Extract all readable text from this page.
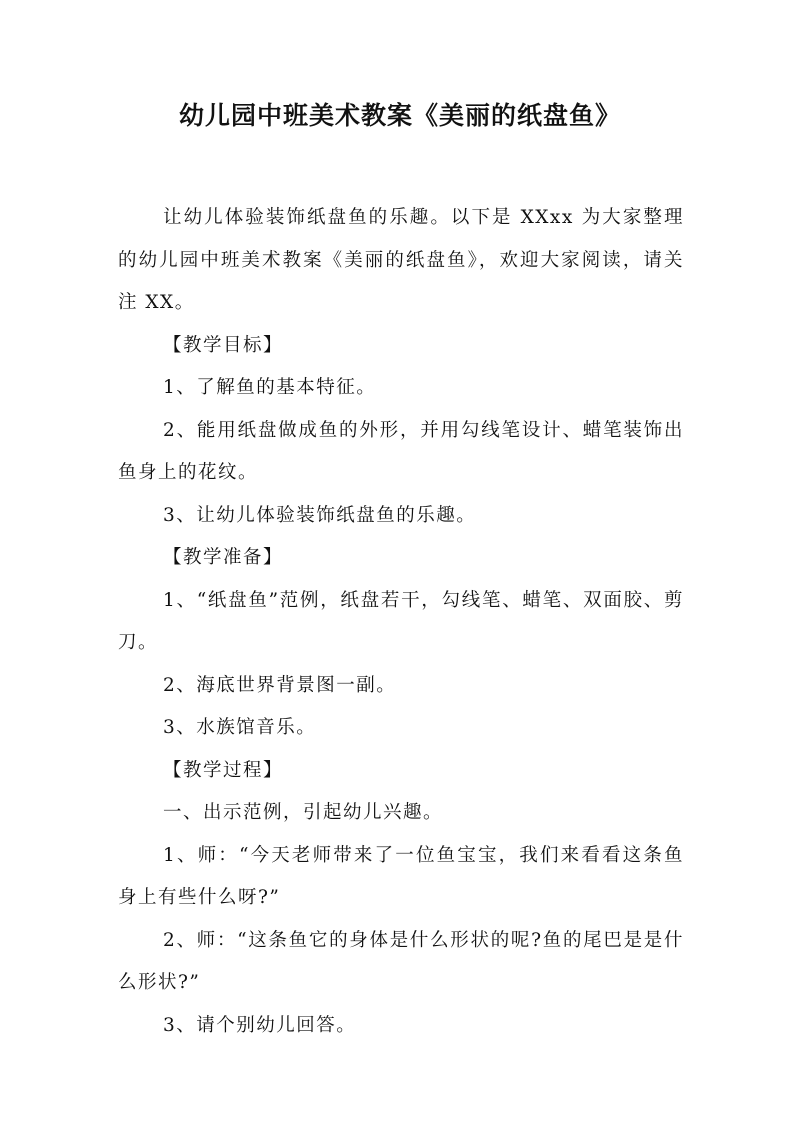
幼儿园中班美术教案《美丽的纸盘鱼》

让幼儿体验装饰纸盘鱼的乐趣。以下是 XXxx 为大家整理的幼儿园中班美术教案《美丽的纸盘鱼》，欢迎大家阅读，请关注 XX。

【教学目标】

1、了解鱼的基本特征。

2、能用纸盘做成鱼的外形，并用勾线笔设计、蜡笔装饰出鱼身上的花纹。

3、让幼儿体验装饰纸盘鱼的乐趣。

【教学准备】

1、“纸盘鱼”范例，纸盘若干，勾线笔、蜡笔、双面胶、剪刀。

2、海底世界背景图一副。

3、水族馆音乐。

【教学过程】

一、出示范例，引起幼儿兴趣。

1、师：“今天老师带来了一位鱼宝宝，我们来看看这条鱼身上有些什么呀?”

2、师：“这条鱼它的身体是什么形状的呢?鱼的尾巴是是什么形状?”

3、请个别幼儿回答。
